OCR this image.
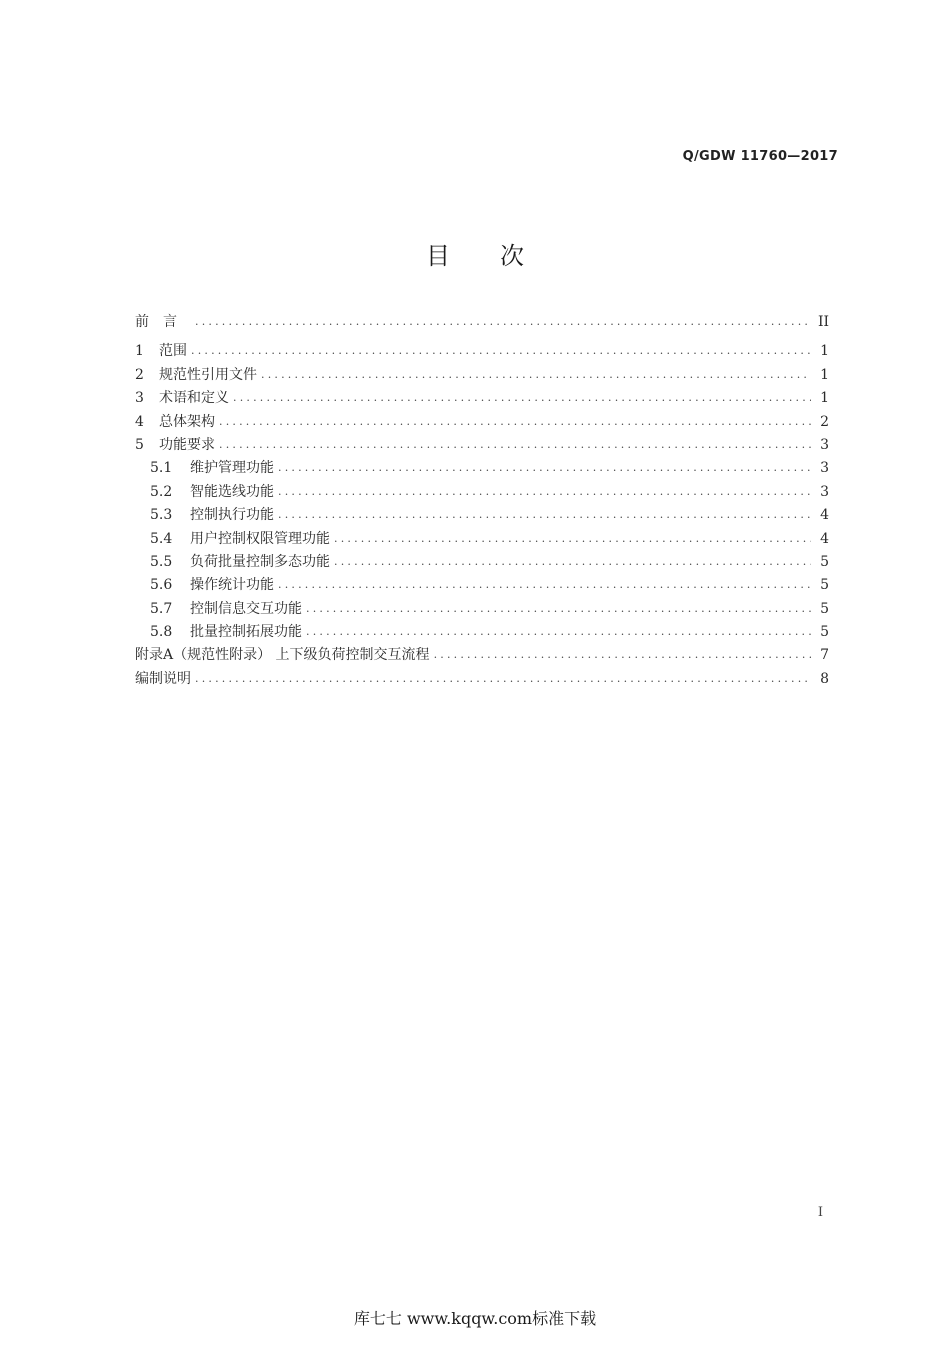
Q/GDW 11760—2017
目次
前言 .....	II
1	范围 .....	1
2	规范性引用文件 .....	1
3	术语和定义 .....	1
4	总体架构 .....	2
5	功能要求 .....	3
5.1	维护管理功能 .....	3
5.2	智能选线功能 .....	3
5.3	控制执行功能 .....	4
5.4	用户控制权限管理功能 .....	4
5.5	负荷批量控制多态功能 .....	5
5.6	操作统计功能 .....	5
5.7	控制信息交互功能 .....	5
5.8	批量控制拓展功能 .....	5
附录A（规范性附录） 上下级负荷控制交互流程 .....	7
编制说明 .....	8
I
库七七 www.kqqw.com标准下载
